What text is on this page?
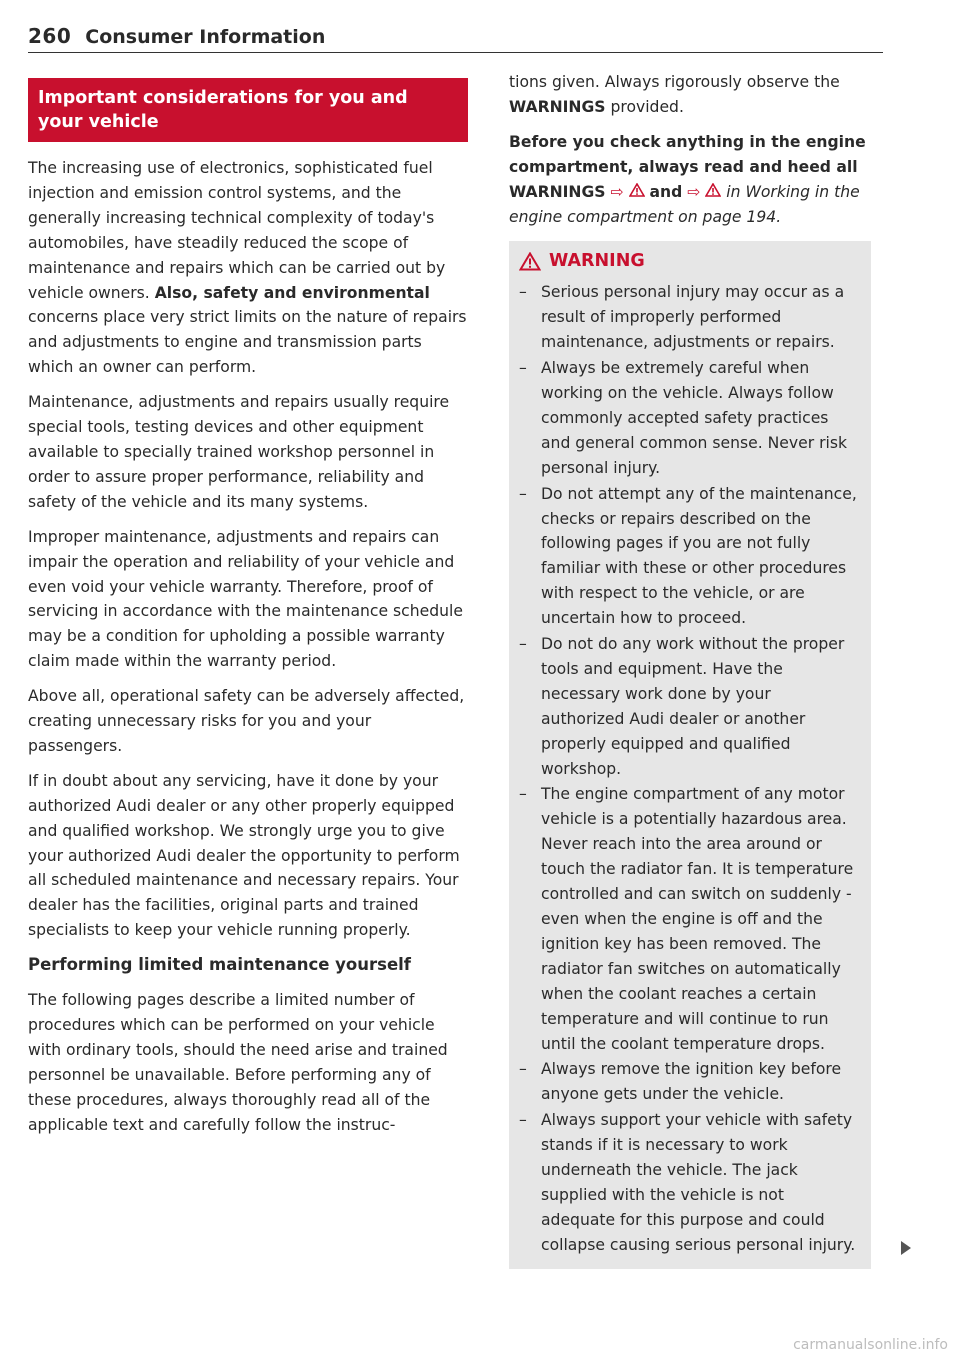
260 Consumer Information
Important considerations for you and your vehicle

The increasing use of electronics, sophisticated fuel injection and emission control systems, and the generally increasing technical complexity of today's automobiles, have steadily reduced the scope of maintenance and repairs which can be carried out by vehicle owners. Also, safety and environmental concerns place very strict limits on the nature of repairs and adjustments to engine and transmission parts which an owner can perform.

Maintenance, adjustments and repairs usually require special tools, testing devices and other equipment available to specially trained workshop personnel in order to assure proper performance, reliability and safety of the vehicle and its many systems.

Improper maintenance, adjustments and repairs can impair the operation and reliability of your vehicle and even void your vehicle warranty. Therefore, proof of servicing in accordance with the maintenance schedule may be a condition for upholding a possible warranty claim made within the warranty period.

Above all, operational safety can be adversely affected, creating unnecessary risks for you and your passengers.

If in doubt about any servicing, have it done by your authorized Audi dealer or any other properly equipped and qualified workshop. We strongly urge you to give your authorized Audi dealer the opportunity to perform all scheduled maintenance and necessary repairs. Your dealer has the facilities, original parts and trained specialists to keep your vehicle running properly.

Performing limited maintenance yourself

The following pages describe a limited number of procedures which can be performed on your vehicle with ordinary tools, should the need arise and trained personnel be unavailable. Before performing any of these procedures, always thoroughly read all of the applicable text and carefully follow the instruc-

tions given. Always rigorously observe the WARNINGS provided.

Before you check anything in the engine compartment, always read and heed all WARNINGS ⇨ and ⇨ in Working in the engine compartment on page 194.

WARNING
– Serious personal injury may occur as a result of improperly performed maintenance, adjustments or repairs.
– Always be extremely careful when working on the vehicle. Always follow commonly accepted safety practices and general common sense. Never risk personal injury.
– Do not attempt any of the maintenance, checks or repairs described on the following pages if you are not fully familiar with these or other procedures with respect to the vehicle, or are uncertain how to proceed.
– Do not do any work without the proper tools and equipment. Have the necessary work done by your authorized Audi dealer or another properly equipped and qualified workshop.
– The engine compartment of any motor vehicle is a potentially hazardous area. Never reach into the area around or touch the radiator fan. It is temperature controlled and can switch on suddenly - even when the engine is off and the ignition key has been removed. The radiator fan switches on automatically when the coolant reaches a certain temperature and will continue to run until the coolant temperature drops.
– Always remove the ignition key before anyone gets under the vehicle.
– Always support your vehicle with safety stands if it is necessary to work underneath the vehicle. The jack supplied with the vehicle is not adequate for this purpose and could collapse causing serious personal injury.
carmanualsonline.info
